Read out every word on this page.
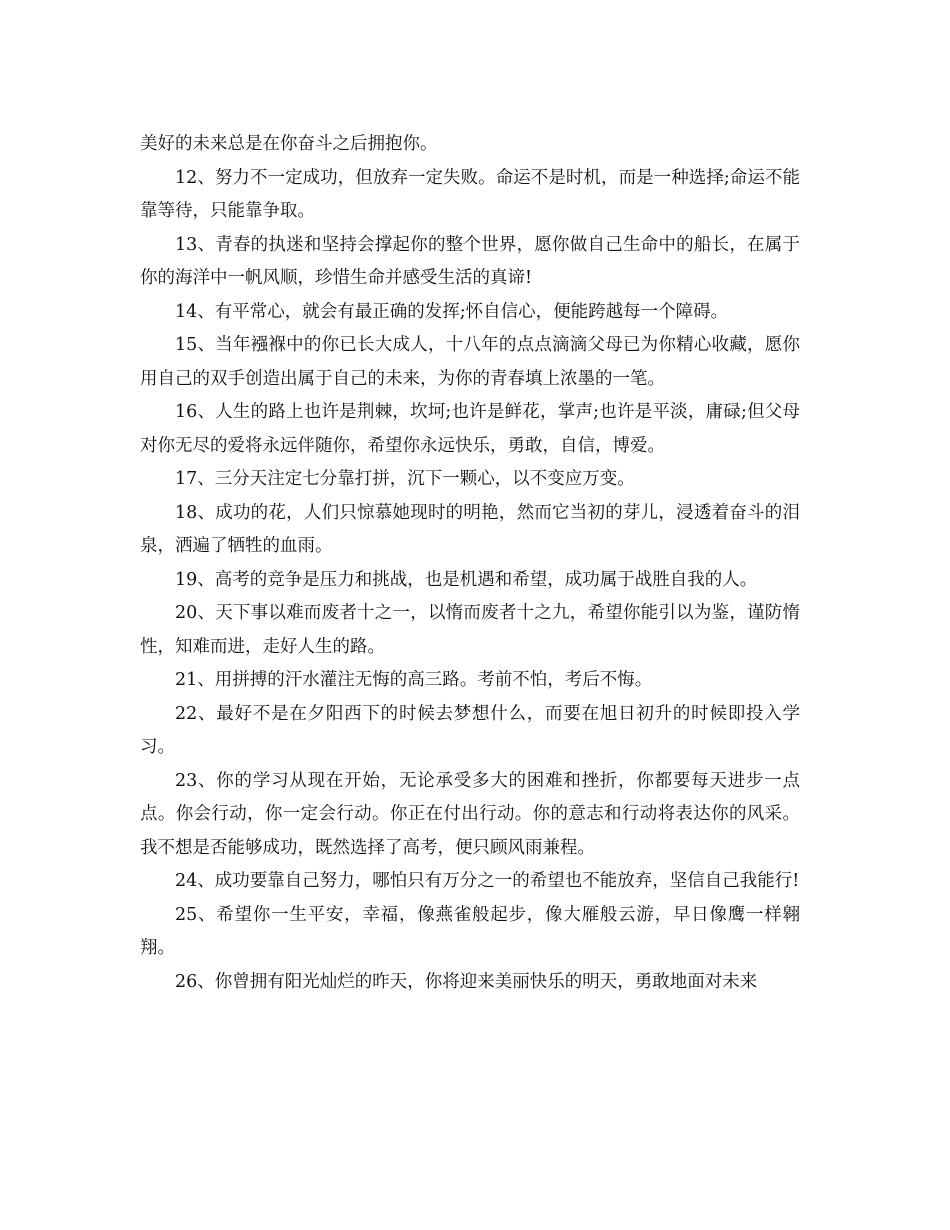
美好的未来总是在你奋斗之后拥抱你。

12、努力不一定成功，但放弃一定失败。命运不是时机，而是一种选择;命运不能靠等待，只能靠争取。

13、青春的执迷和坚持会撑起你的整个世界，愿你做自己生命中的船长，在属于你的海洋中一帆风顺，珍惜生命并感受生活的真谛!

14、有平常心，就会有最正确的发挥;怀自信心，便能跨越每一个障碍。

15、当年襁褓中的你已长大成人，十八年的点点滴滴父母已为你精心收藏，愿你用自己的双手创造出属于自己的未来，为你的青春填上浓墨的一笔。

16、人生的路上也许是荆棘，坎坷;也许是鲜花，掌声;也许是平淡，庸碌;但父母对你无尽的爱将永远伴随你，希望你永远快乐，勇敢，自信，博爱。

17、三分天注定七分靠打拼，沉下一颗心，以不变应万变。

18、成功的花，人们只惊慕她现时的明艳，然而它当初的芽儿，浸透着奋斗的泪泉，洒遍了牺牲的血雨。

19、高考的竞争是压力和挑战，也是机遇和希望，成功属于战胜自我的人。

20、天下事以难而废者十之一，以惰而废者十之九，希望你能引以为鉴，谨防惰性，知难而进，走好人生的路。

21、用拼搏的汗水灌注无悔的高三路。考前不怕，考后不悔。

22、最好不是在夕阳西下的时候去梦想什么，而要在旭日初升的时候即投入学习。

23、你的学习从现在开始，无论承受多大的困难和挫折，你都要每天进步一点点。你会行动，你一定会行动。你正在付出行动。你的意志和行动将表达你的风采。我不想是否能够成功，既然选择了高考，便只顾风雨兼程。

24、成功要靠自己努力，哪怕只有万分之一的希望也不能放弃，坚信自己我能行!

25、希望你一生平安，幸福，像燕雀般起步，像大雁般云游，早日像鹰一样翱翔。

26、你曾拥有阳光灿烂的昨天，你将迎来美丽快乐的明天，勇敢地面对未来
